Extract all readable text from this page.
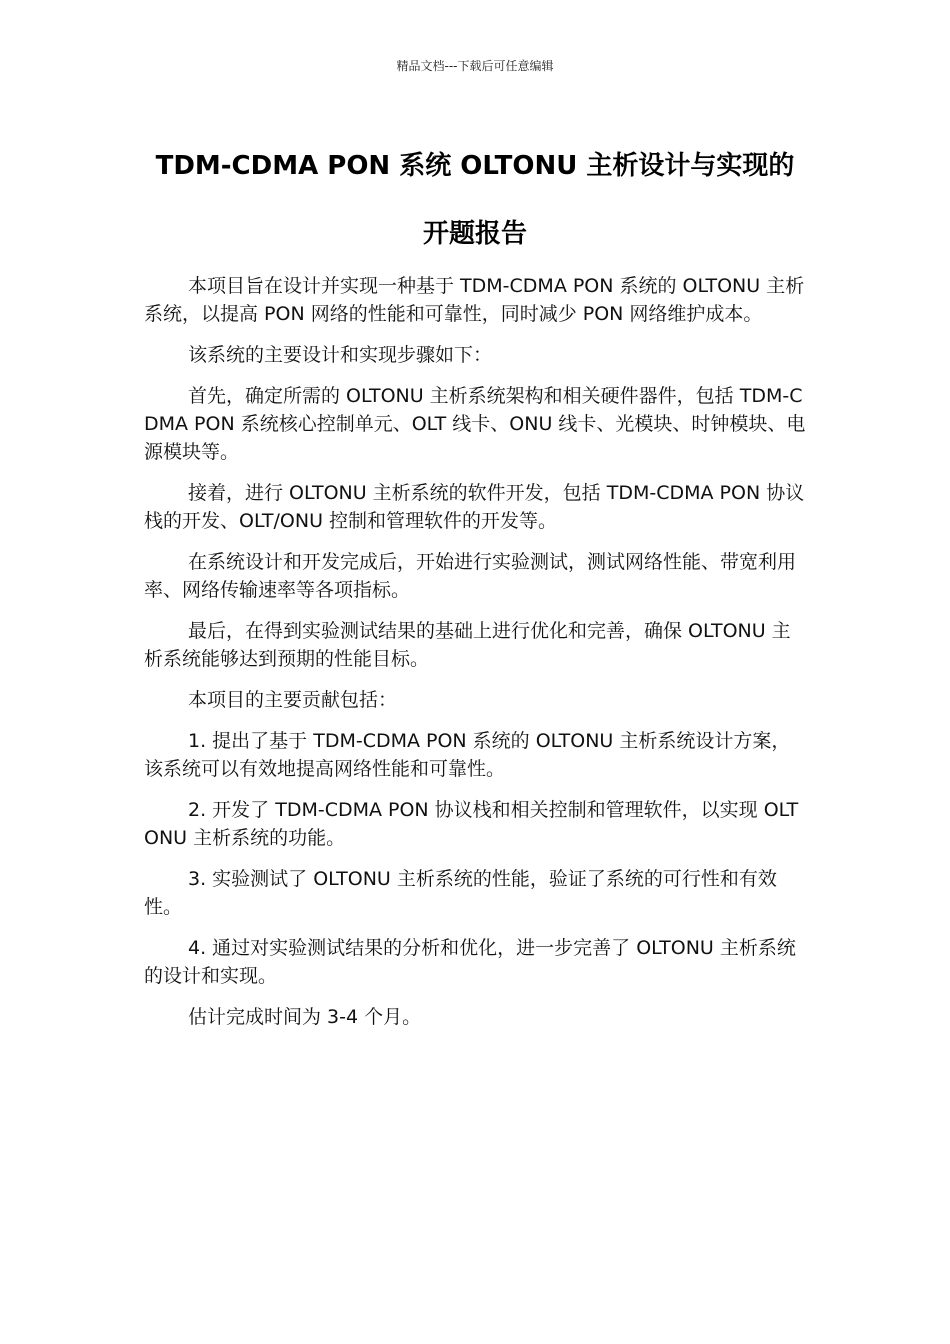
精品文档---下载后可任意编辑
TDM-CDMA PON 系统 OLTONU 主析设计与实现的
开题报告

本项目旨在设计并实现一种基于 TDM-CDMA PON 系统的 OLTONU 主析系统，以提高 PON 网络的性能和可靠性，同时减少 PON 网络维护成本。

该系统的主要设计和实现步骤如下：

首先，确定所需的 OLTONU 主析系统架构和相关硬件器件，包括 TDM-CDMA PON 系统核心控制单元、OLT 线卡、ONU 线卡、光模块、时钟模块、电源模块等。

接着，进行 OLTONU 主析系统的软件开发，包括 TDM-CDMA PON 协议栈的开发、OLT/ONU 控制和管理软件的开发等。

在系统设计和开发完成后，开始进行实验测试，测试网络性能、带宽利用率、网络传输速率等各项指标。

最后，在得到实验测试结果的基础上进行优化和完善，确保 OLTONU 主析系统能够达到预期的性能目标。

本项目的主要贡献包括：

1. 提出了基于 TDM-CDMA PON 系统的 OLTONU 主析系统设计方案，该系统可以有效地提高网络性能和可靠性。

2. 开发了 TDM-CDMA PON 协议栈和相关控制和管理软件，以实现 OLTONU 主析系统的功能。

3. 实验测试了 OLTONU 主析系统的性能，验证了系统的可行性和有效性。

4. 通过对实验测试结果的分析和优化，进一步完善了 OLTONU 主析系统的设计和实现。

估计完成时间为 3-4 个月。
